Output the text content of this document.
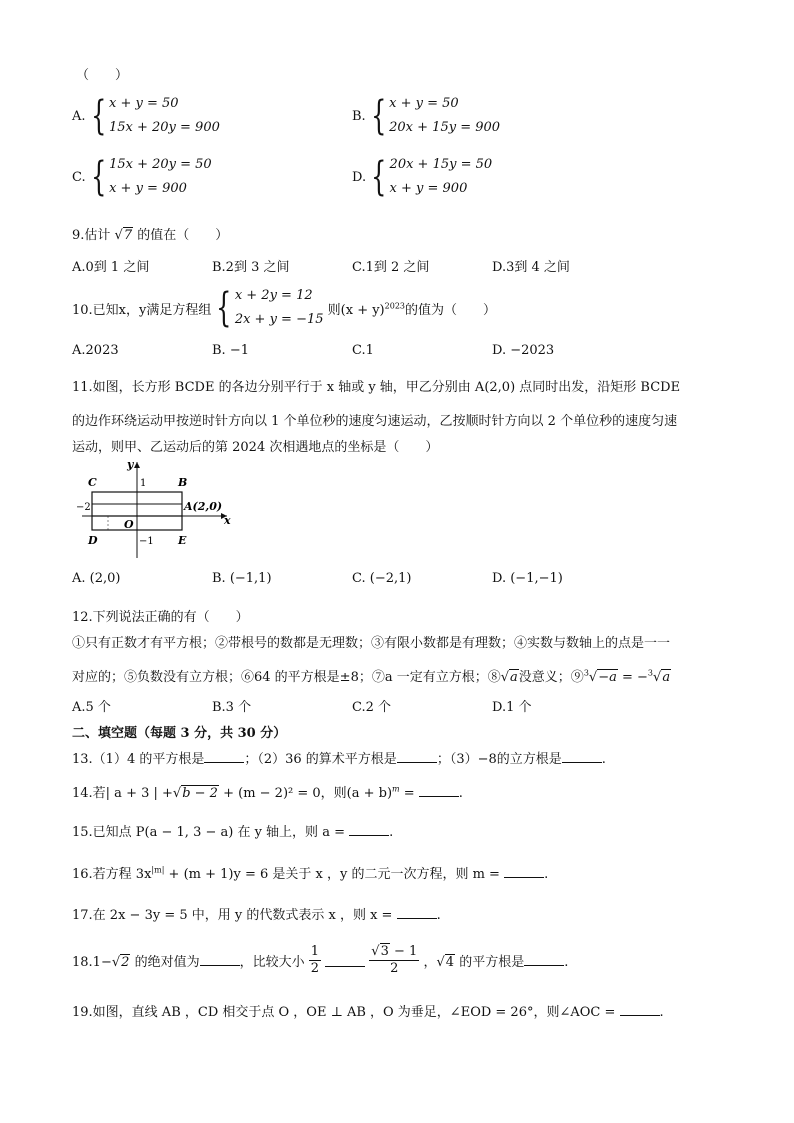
（　　）
A. { x + y = 50
15x + 20y = 900
B. { x + y = 50
20x + 15y = 900
C. { 15x + 20y = 50
x + y = 900
D. { 20x + 15y = 50
x + y = 900
9.估计 √7 的值在（　　）
A.0到 1 之间	B.2到 3 之间	C.1到 2 之间	D.3到 4 之间
10.已知x，y满足方程组 { x + 2y = 12
2x + y = −15
则$(x + y)^{2023}$的值为（　　）
A.2023	B. −1	C.1	D. −2023
11.如图，长方形 BCDE 的各边分别平行于 x 轴或 y 轴，甲乙分别由 A(2,0) 点同时出发，沿矩形 BCDE
的边作环绕运动甲按逆时针方向以 1 个单位秒的速度匀速运动，乙按顺时针方向以 2 个单位秒的速度匀速
运动，则甲、乙运动后的第 2024 次相遇地点的坐标是（　　）
C	B
D	E
O
A(2,0)
x
y
1
−1
−2
A. (2,0)	B. (−1,1)	C. (−2,1)	D. (−1,−1)
12.下列说法正确的有（　　）
①只有正数才有平方根；②带根号的数都是无理数；③有限小数都是有理数；④实数与数轴上的点是一一
对应的；⑤负数没有立方根；⑥64 的平方根是±8；⑦a 一定有立方根；⑧√a没意义；⑨$^3$√−a = −$^3$√a
A.5 个	B.3 个	C.2 个	D.1 个
二、填空题（每题 3 分，共 30 分）
13.（1）4 的平方根是	；（2）36 的算术平方根是	；（3）−8的立方根是	.
14.若| a + 3 | +√b − 2 + (m − 2)² = 0，则$(a + b)^m$ =	.
15.已知点 P(a − 1, 3 − a) 在 y 轴上，则 a =	.
16.若方程 $3x^{|m|} + (m + 1)y = 6$ 是关于 x ，y 的二元一次方程，则 m =	.
17.在 2x − 3y = 5 中，用 y 的代数式表示 x ，则 x =	.
18.1−√2 的绝对值为	，比较大小 $\frac{1}{2}$
	$\frac{√3 - 1}{2}$ ，√4 的平方根是	.
19.如图，直线 AB ，CD 相交于点 O ，OE ⊥ AB ，O 为垂足，∠EOD = 26°，则∠AOC =	.
